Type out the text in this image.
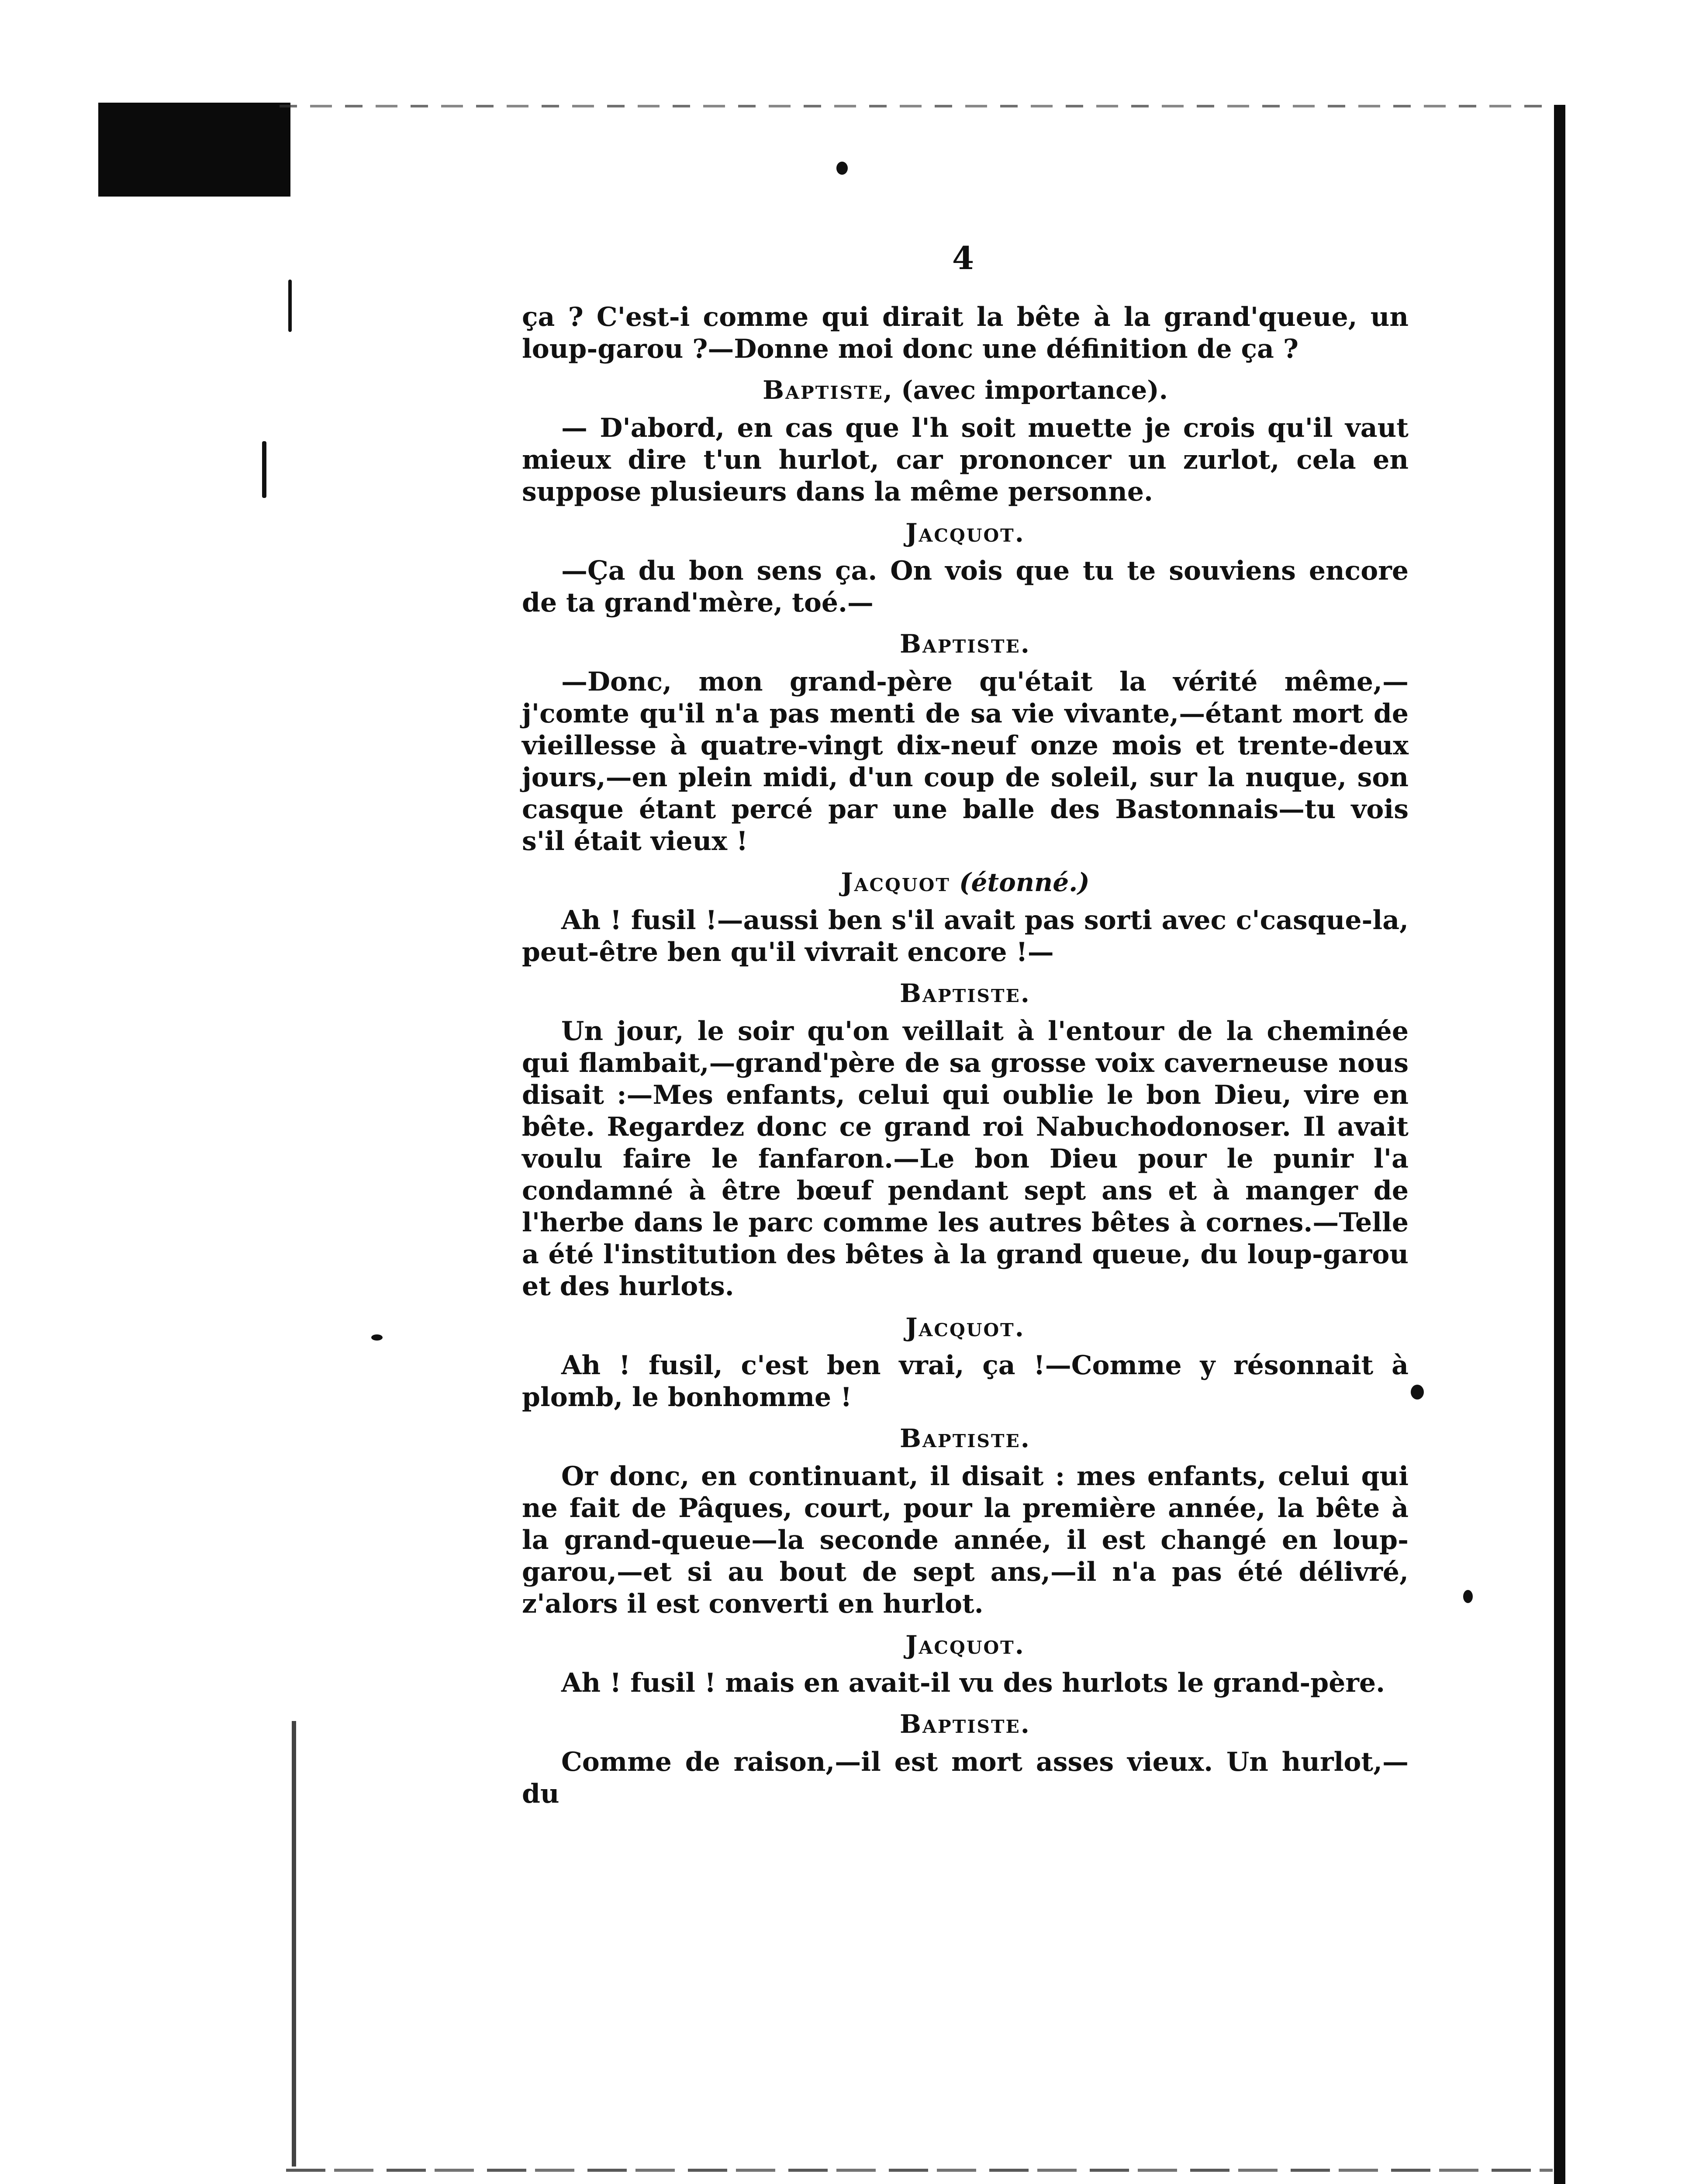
4

ça ? C'est-i comme qui dirait la bête à la grand'queue, un loup-garou ?—Donne moi donc une définition de ça ?

Baptiste, (avec importance).

— D'abord, en cas que l'h soit muette je crois qu'il vaut mieux dire t'un hurlot, car prononcer un zurlot, cela en suppose plusieurs dans la même personne.

Jacquot.

—Ça du bon sens ça. On vois que tu te souviens encore de ta grand'mère, toé.—

Baptiste.

—Donc, mon grand-père qu'était la vérité même,—j'comte qu'il n'a pas menti de sa vie vivante,—étant mort de vieillesse à quatre-vingt dix-neuf onze mois et trente-deux jours,—en plein midi, d'un coup de soleil, sur la nuque, son casque étant percé par une balle des Bastonnais—tu vois s'il était vieux !

Jacquot (étonné.)

Ah ! fusil !—aussi ben s'il avait pas sorti avec c'casque-la, peut-être ben qu'il vivrait encore !—

Baptiste.

Un jour, le soir qu'on veillait à l'entour de la cheminée qui flambait,—grand'père de sa grosse voix caverneuse nous disait :—Mes enfants, celui qui oublie le bon Dieu, vire en bête. Regardez donc ce grand roi Nabuchodonoser. Il avait voulu faire le fanfaron.—Le bon Dieu pour le punir l'a condamné à être bœuf pendant sept ans et à manger de l'herbe dans le parc comme les autres bêtes à cornes.—Telle a été l'institution des bêtes à la grand queue, du loup-garou et des hurlots.

Jacquot.

Ah ! fusil, c'est ben vrai, ça !—Comme y résonnait à plomb, le bonhomme !

Baptiste.

Or donc, en continuant, il disait : mes enfants, celui qui ne fait de Pâques, court, pour la première année, la bête à la grand-queue—la seconde année, il est changé en loup-garou,—et si au bout de sept ans,—il n'a pas été délivré, z'alors il est converti en hurlot.

Jacquot.

Ah ! fusil ! mais en avait-il vu des hurlots le grand-père.

Baptiste.

Comme de raison,—il est mort asses vieux. Un hurlot,—du
